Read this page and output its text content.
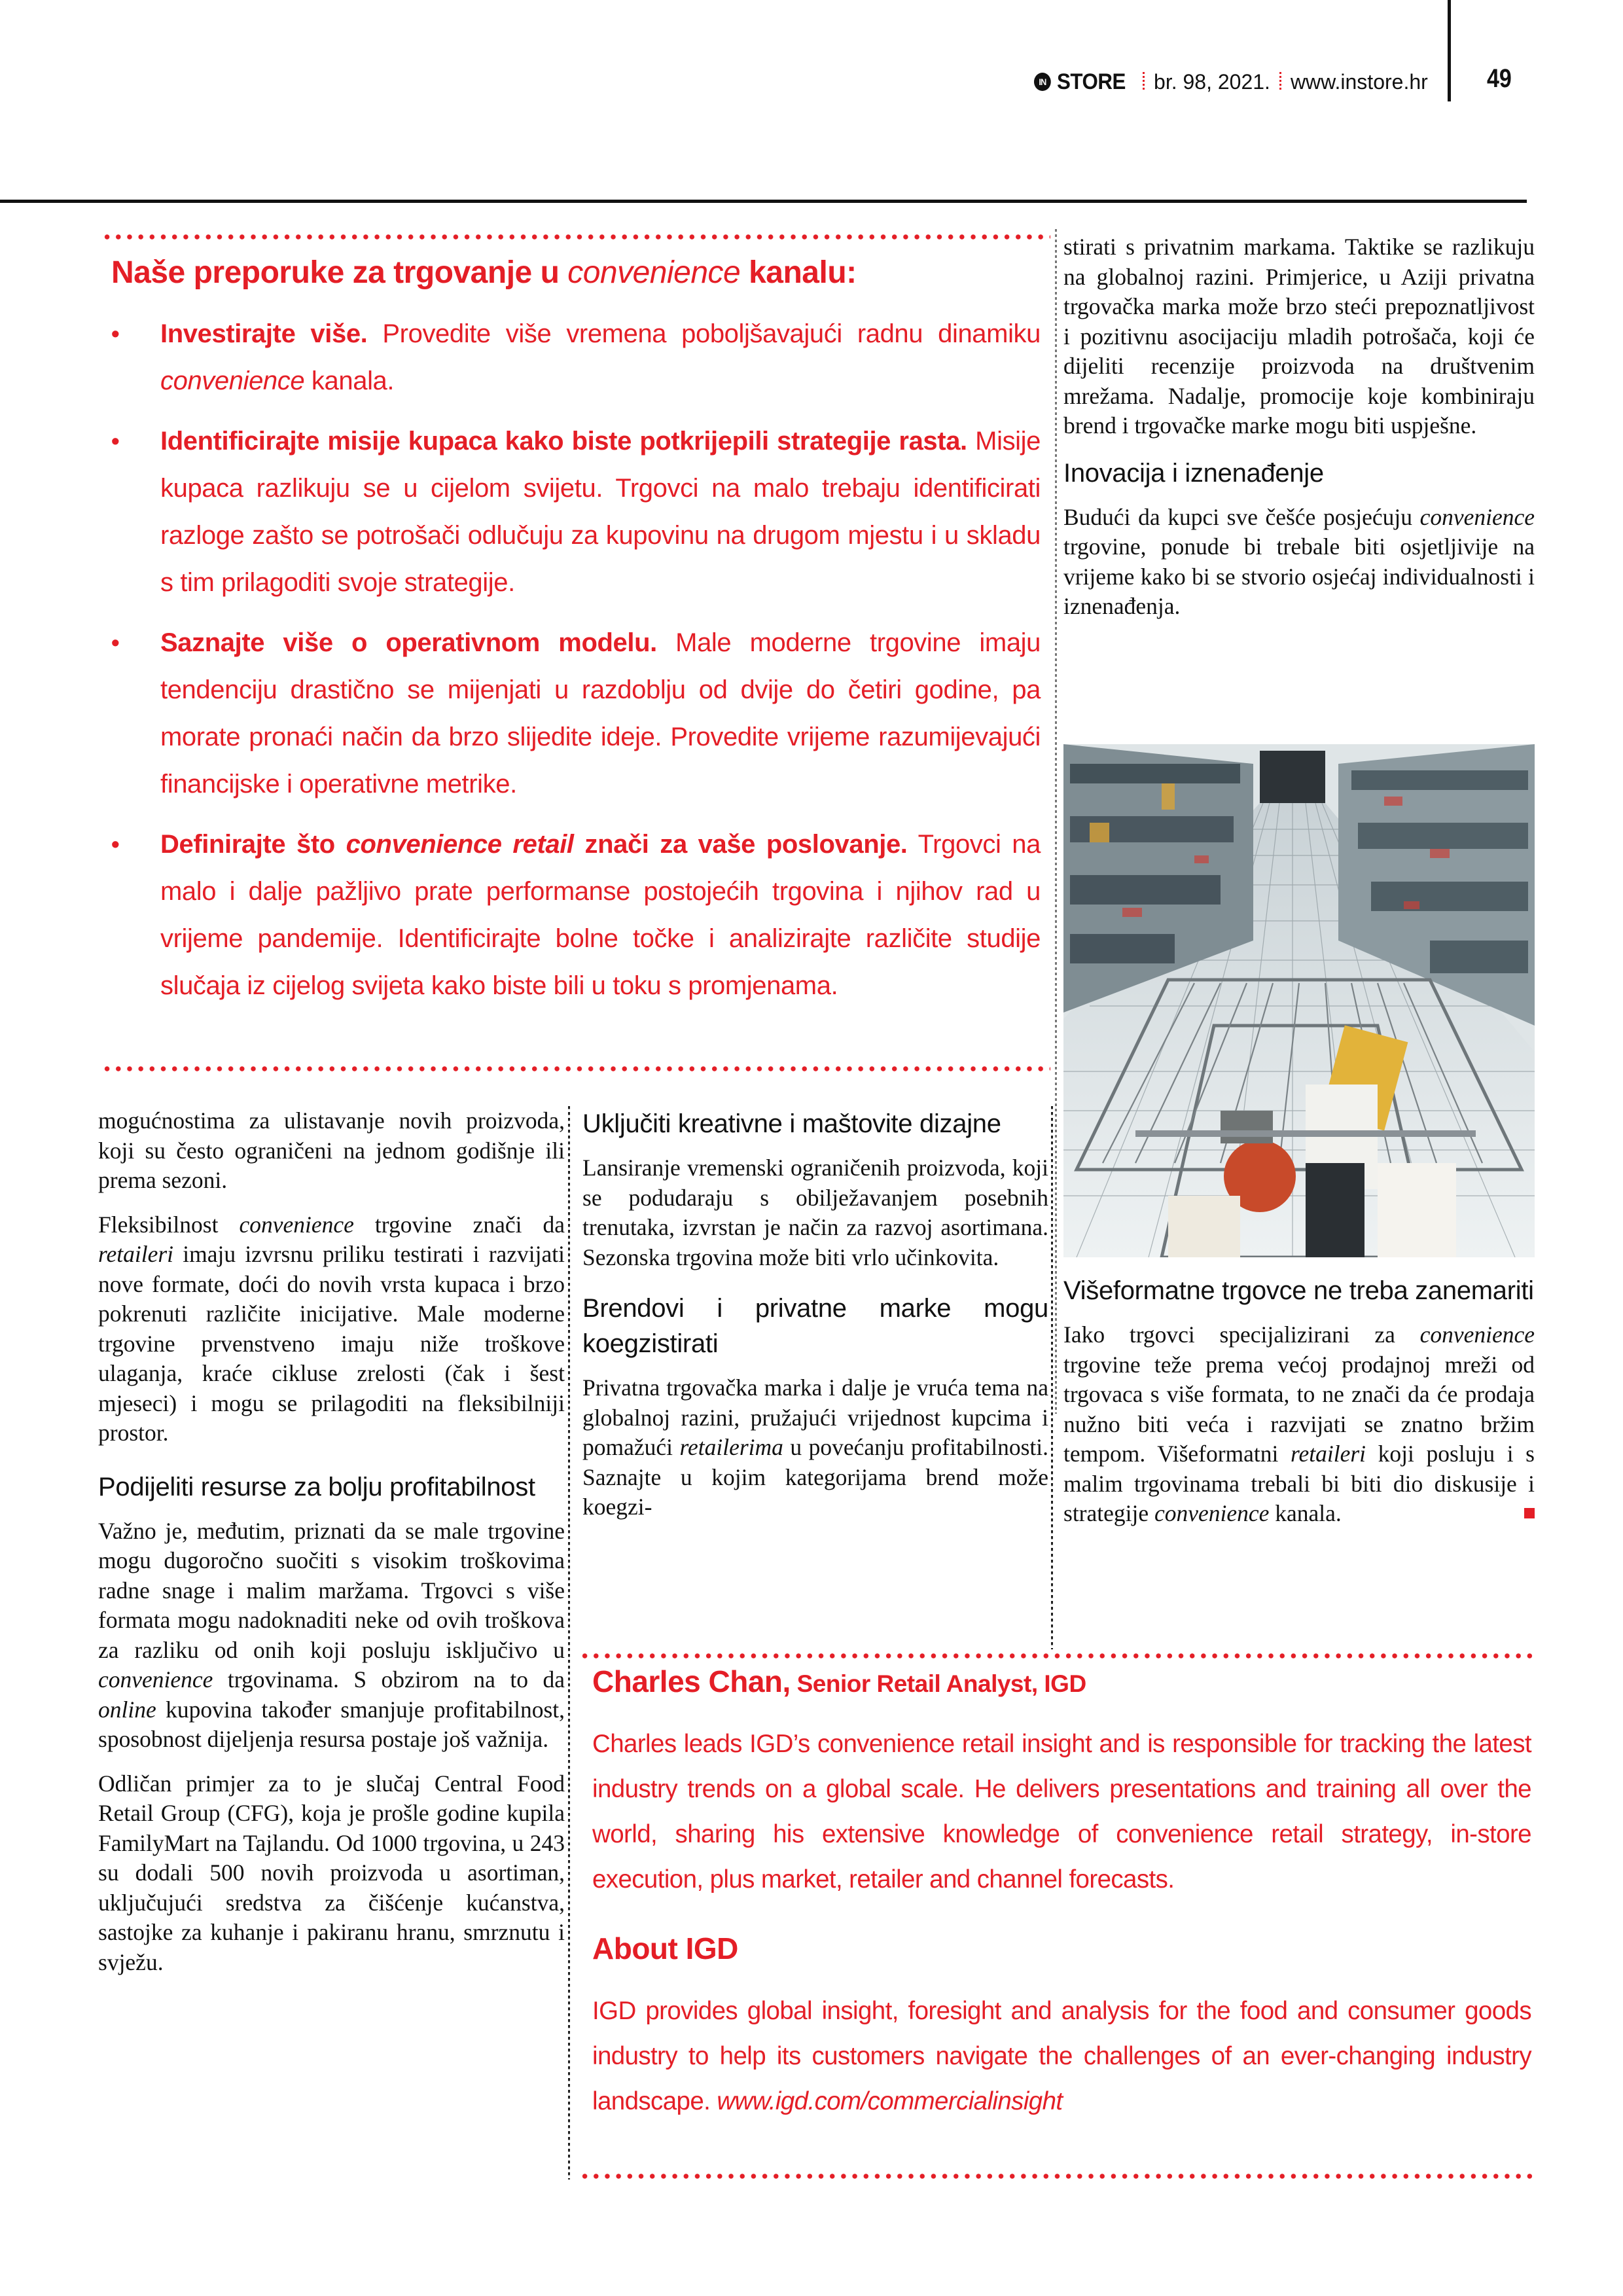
IN STORE br. 98, 2021. www.instore.hr 49
Naše preporuke za trgovanje u convenience kanalu:
• Investirajte više. Provedite više vremena poboljšavajući radnu dinamiku convenience kanala.
• Identificirajte misije kupaca kako biste potkrijepili strategije rasta. Misije kupaca razlikuju se u cijelom svijetu. Trgovci na malo trebaju identificirati razloge zašto se potrošači odlučuju za kupovinu na drugom mjestu i u skladu s tim prilagoditi svoje strategije.
• Saznajte više o operativnom modelu. Male moderne trgovine imaju tendenciju drastično se mijenjati u razdoblju od dvije do četiri godine, pa morate pronaći način da brzo slijedite ideje. Provedite vrijeme razumijevajući financijske i operativne metrike.
• Definirajte što convenience retail znači za vaše poslovanje. Trgovci na malo i dalje pažljivo prate performanse postojećih trgovina i njihov rad u vrijeme pandemije. Identificirajte bolne točke i analizirajte različite studije slučaja iz cijelog svijeta kako biste bili u toku s promjenama.

mogućnostima za ulistavanje novih proizvoda, koji su često ograničeni na jednom godišnje ili prema sezoni.

Fleksibilnost convenience trgovine znači da retaileri imaju izvrsnu priliku testirati i razvijati nove formate, doći do novih vrsta kupaca i brzo pokrenuti različite inicijative. Male moderne trgovine prvenstveno imaju niže troškove ulaganja, kraće cikluse zrelosti (čak i šest mjeseci) i mogu se prilagoditi na fleksibilniji prostor.

Podijeliti resurse za bolju profitabilnost

Važno je, međutim, priznati da se male trgovine mogu dugoročno suočiti s visokim troškovima radne snage i malim maržama. Trgovci s više formata mogu nadoknaditi neke od ovih troškova za razliku od onih koji posluju isključivo u convenience trgovinama. S obzirom na to da online kupovina također smanjuje profitabilnost, sposobnost dijeljenja resursa postaje još važnija.

Odličan primjer za to je slučaj Central Food Retail Group (CFG), koja je prošle godine kupila FamilyMart na Tajlandu. Od 1000 trgovina, u 243 su dodali 500 novih proizvoda u asortiman, uključujući sredstva za čišćenje kućanstva, sastojke za kuhanje i pakiranu hranu, smrznutu i svježu.

Uključiti kreativne i maštovite dizajne

Lansiranje vremenski ograničenih proizvoda, koji se podudaraju s obilježavanjem posebnih trenutaka, izvrstan je način za razvoj asortimana. Sezonska trgovina može biti vrlo učinkovita.

Brendovi i privatne marke mogu koegzistirati

Privatna trgovačka marka i dalje je vruća tema na globalnoj razini, pružajući vrijednost kupcima i pomažući retailerima u povećanju profitabilnosti. Saznajte u kojim kategorijama brend može koegzi-

stirati s privatnim markama. Taktike se razlikuju na globalnoj razini. Primjerice, u Aziji privatna trgovačka marka može brzo steći prepoznatljivost i pozitivnu asocijaciju mladih potrošača, koji će dijeliti recenzije proizvoda na društvenim mrežama. Nadalje, promocije koje kombiniraju brend i trgovačke marke mogu biti uspješne.

Inovacija i iznenađenje

Budući da kupci sve češće posjećuju convenience trgovine, ponude bi trebale biti osjetljivije na vrijeme kako bi se stvorio osjećaj individualnosti i iznenađenja.

Višeformatne trgovce ne treba zanemariti

Iako trgovci specijalizirani za convenience trgovine teže prema većoj prodajnoj mreži od trgovaca s više formata, to ne znači da će prodaja nužno biti veća i razvijati se znatno bržim tempom. Višeformatni retaileri koji posluju i s malim trgovinama trebali bi biti dio diskusije i strategije convenience kanala.

Charles Chan, Senior Retail Analyst, IGD

Charles leads IGD’s convenience retail insight and is responsible for tracking the latest industry trends on a global scale. He delivers presentations and training all over the world, sharing his extensive knowledge of convenience retail strategy, in-store execution, plus market, retailer and channel forecasts.

About IGD

IGD provides global insight, foresight and analysis for the food and consumer goods industry to help its customers navigate the challenges of an ever-changing industry landscape. www.igd.com/commercialinsight
